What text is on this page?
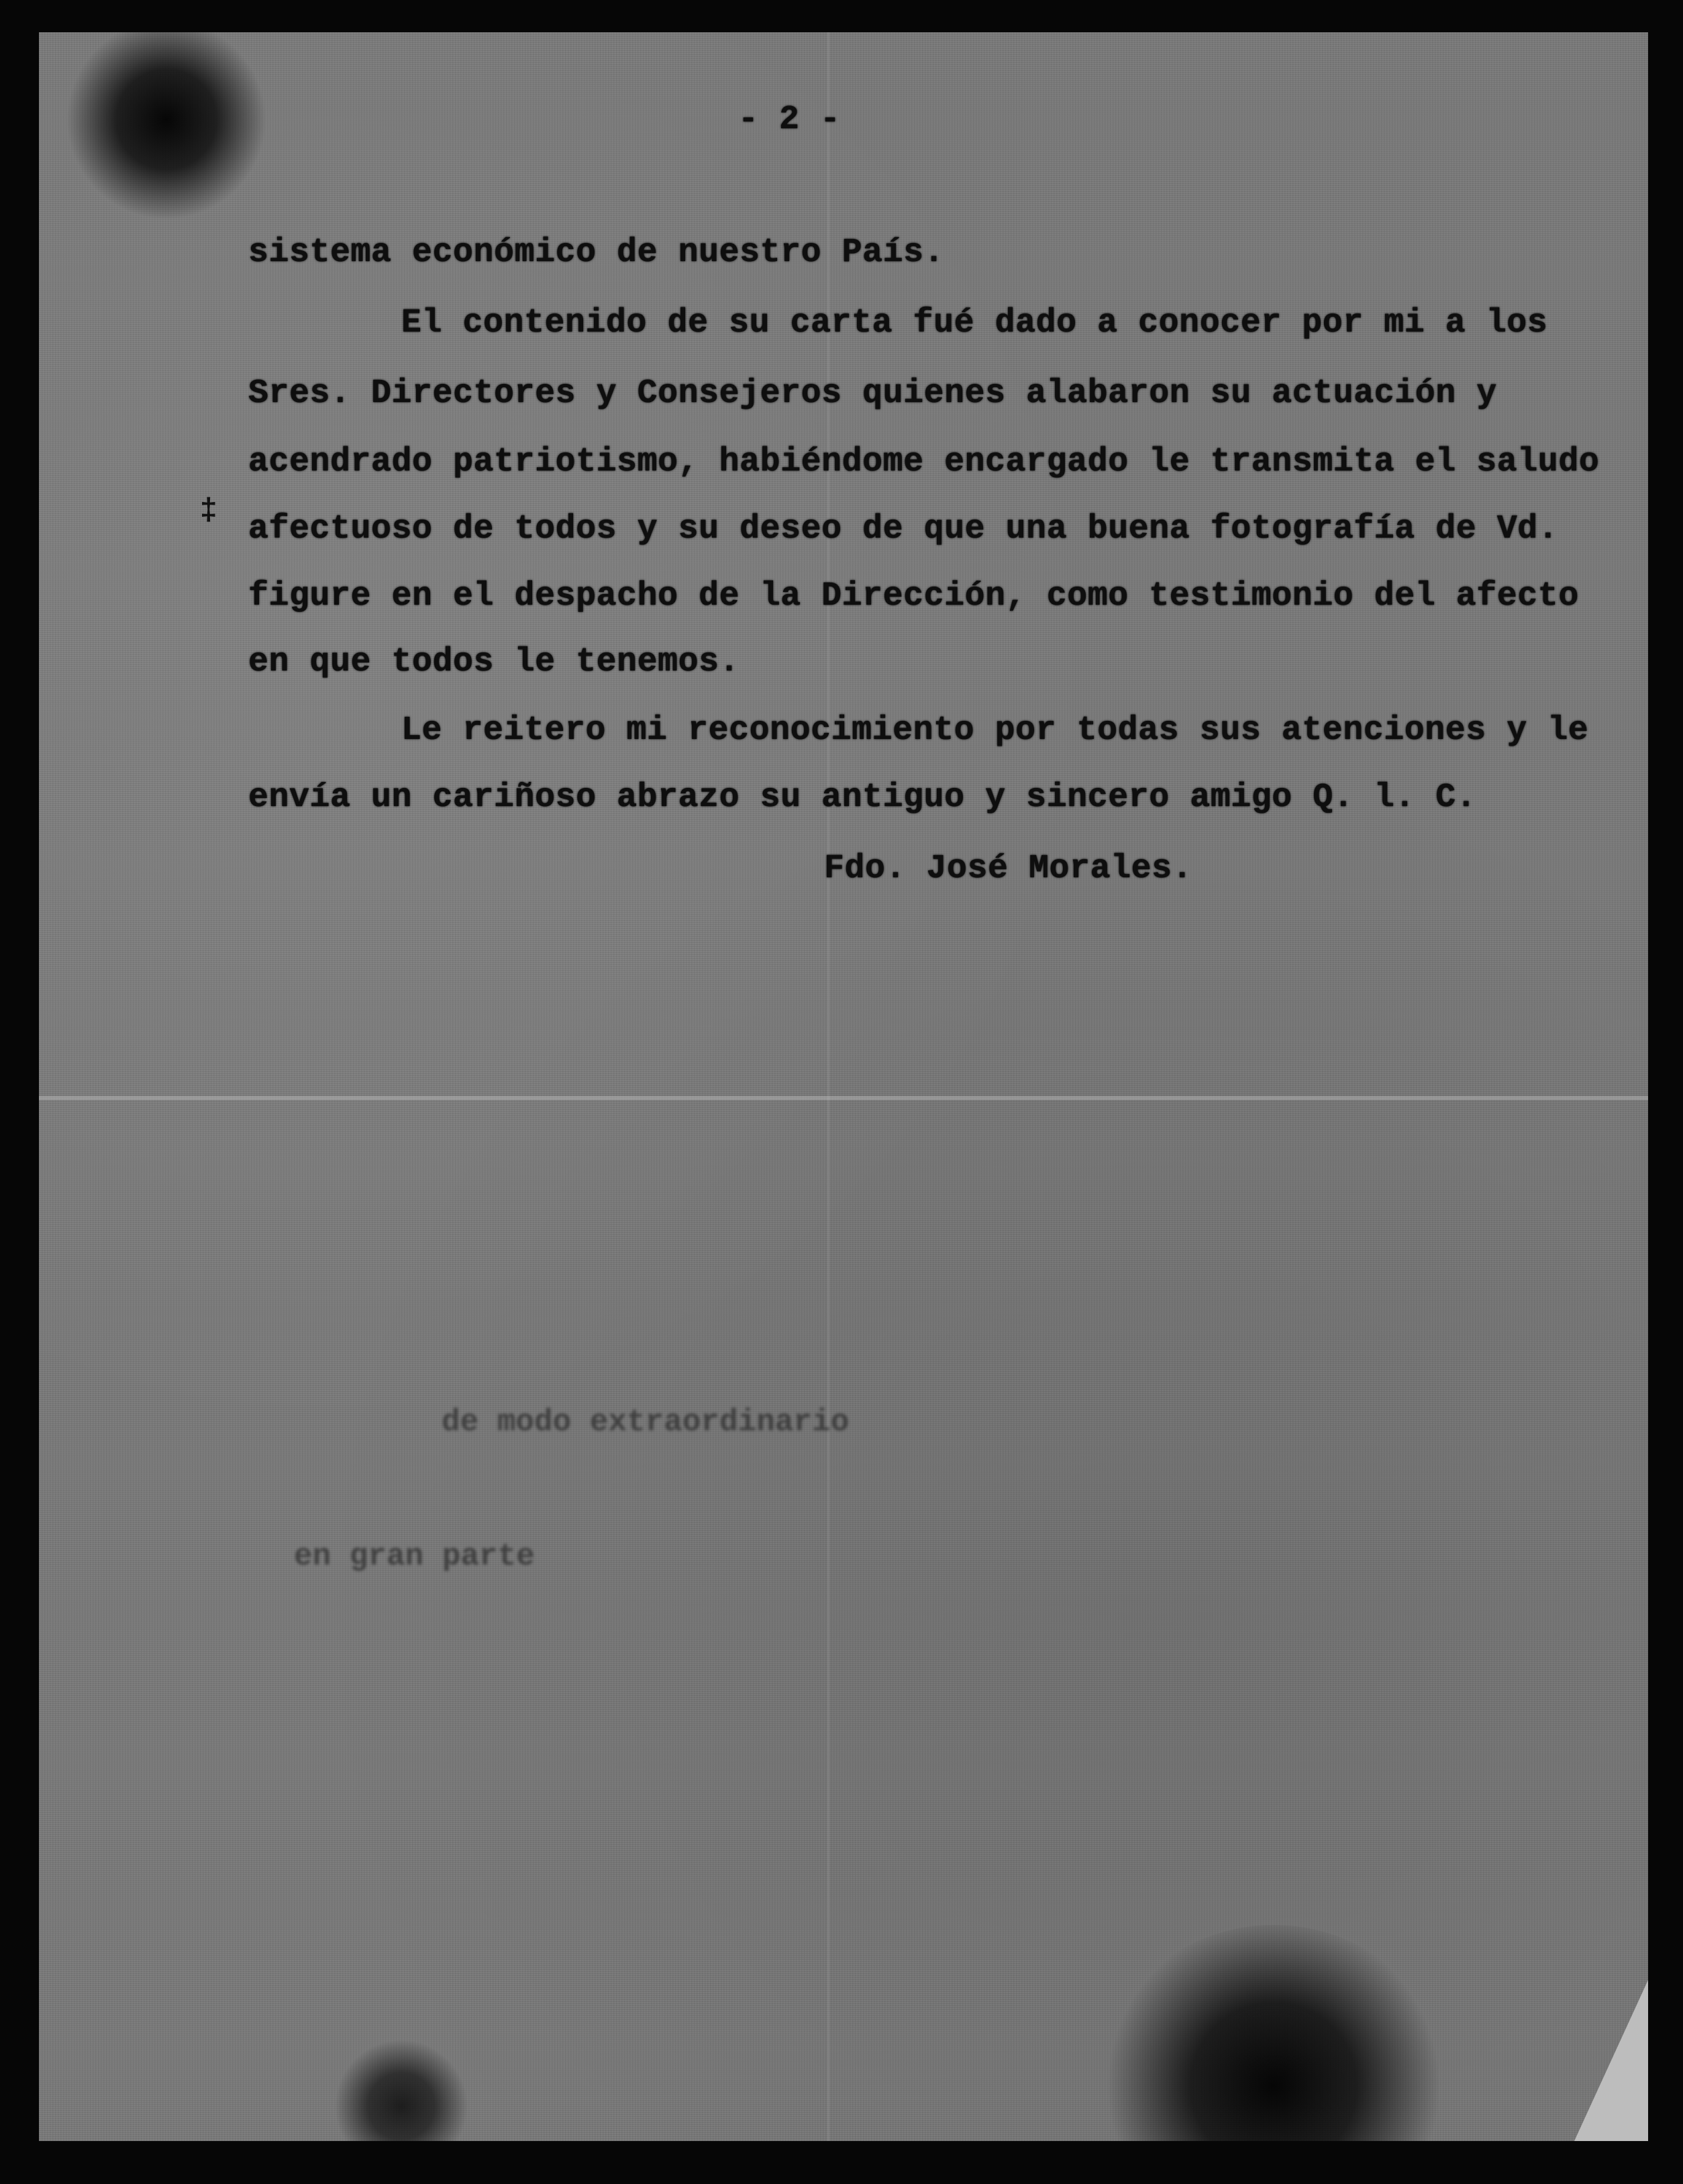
- 2 -
‡
sistema económico de nuestro País.
El contenido de su carta fué dado a conocer por mi a los
Sres. Directores y Consejeros quienes alabaron su actuación y
acendrado patriotismo, habiéndome encargado le transmita el saludo
afectuoso de todos y su deseo de que una buena fotografía de Vd.
figure en el despacho de la Dirección, como testimonio del afecto
en que todos le tenemos.
Le reitero mi reconocimiento por todas sus atenciones y le
envía un cariñoso abrazo su antiguo y sincero amigo Q. l. C.
Fdo. José Morales.
de modo extraordinario
en gran parte
